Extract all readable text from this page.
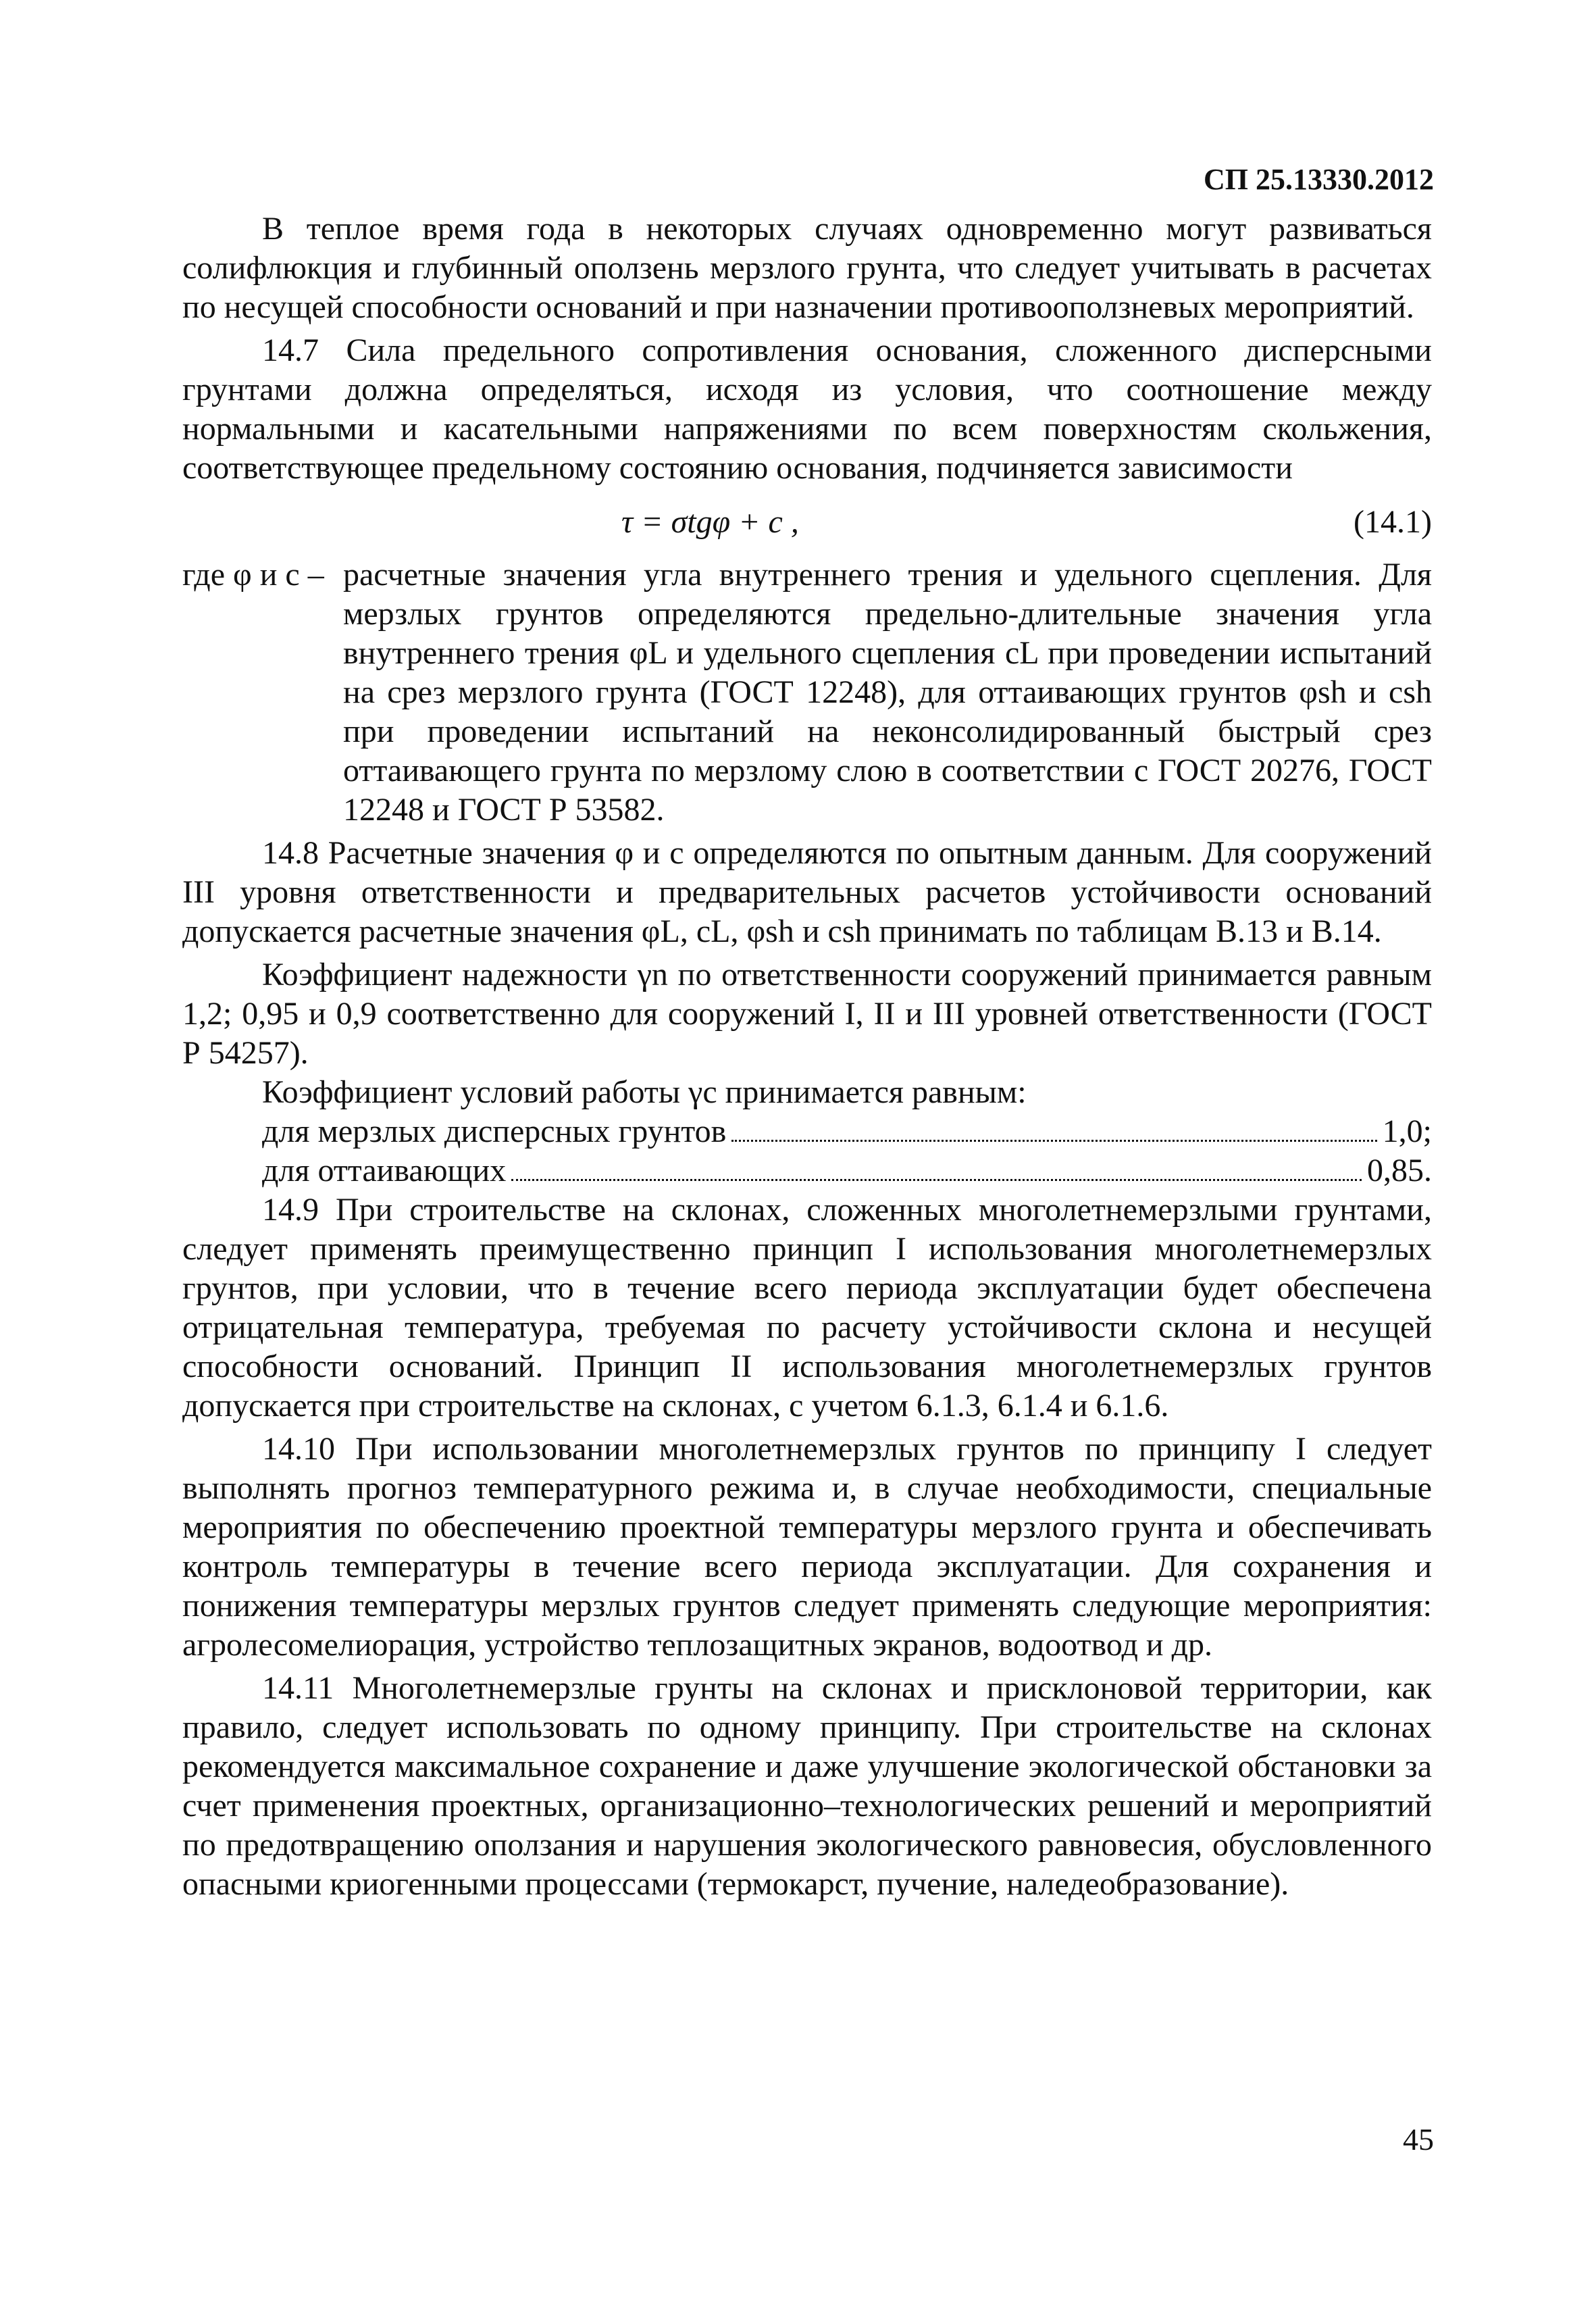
СП 25.13330.2012

В теплое время года в некоторых случаях одновременно могут развиваться солифлюкция и глубинный оползень мерзлого грунта, что следует учитывать в расчетах по несущей способности оснований и при назначении противооползневых мероприятий.

14.7 Сила предельного сопротивления основания, сложенного дисперсными грунтами должна определяться, исходя из условия, что соотношение между нормальными и касательными напряжениями по всем поверхностям скольжения, соответствующее предельному состоянию основания, подчиняется зависимости

τ = σtgφ + c ,	(14.1)
где φ и c – расчетные значения угла внутреннего трения и удельного сцепления. Для мерзлых грунтов определяются предельно-длительные значения угла внутреннего трения φL и удельного сцепления cL при проведении испытаний на срез мерзлого грунта (ГОСТ 12248), для оттаивающих грунтов φsh и csh при проведении испытаний на неконсолидированный быстрый срез оттаивающего грунта по мерзлому слою в соответствии с ГОСТ 20276, ГОСТ 12248 и ГОСТ Р 53582.

14.8 Расчетные значения φ и c определяются по опытным данным. Для сооружений III уровня ответственности и предварительных расчетов устойчивости оснований допускается расчетные значения φL, cL, φsh и csh принимать по таблицам В.13 и В.14.

Коэффициент надежности γn по ответственности сооружений принимается равным 1,2; 0,95 и 0,9 соответственно для сооружений I, II и III уровней ответственности (ГОСТ Р 54257).

Коэффициент условий работы γc принимается равным:

для мерзлых дисперсных грунтов	1,0;
для оттаивающих	0,85.

14.9 При строительстве на склонах, сложенных многолетнемерзлыми грунтами, следует применять преимущественно принцип I использования многолетнемерзлых грунтов, при условии, что в течение всего периода эксплуатации будет обеспечена отрицательная температура, требуемая по расчету устойчивости склона и несущей способности оснований. Принцип II использования многолетнемерзлых грунтов допускается при строительстве на склонах, с учетом 6.1.3, 6.1.4 и 6.1.6.

14.10 При использовании многолетнемерзлых грунтов по принципу I следует выполнять прогноз температурного режима и, в случае необходимости, специальные мероприятия по обеспечению проектной температуры мерзлого грунта и обеспечивать контроль температуры в течение всего периода эксплуатации. Для сохранения и понижения температуры мерзлых грунтов следует применять следующие мероприятия: агролесомелиорация, устройство теплозащитных экранов, водоотвод и др.

14.11 Многолетнемерзлые грунты на склонах и присклоновой территории, как правило, следует использовать по одному принципу. При строительстве на склонах рекомендуется максимальное сохранение и даже улучшение экологической обстановки за счет применения проектных, организационно–технологических решений и мероприятий по предотвращению оползания и нарушения экологического равновесия, обусловленного опасными криогенными процессами (термокарст, пучение, наледеобразование).

45
